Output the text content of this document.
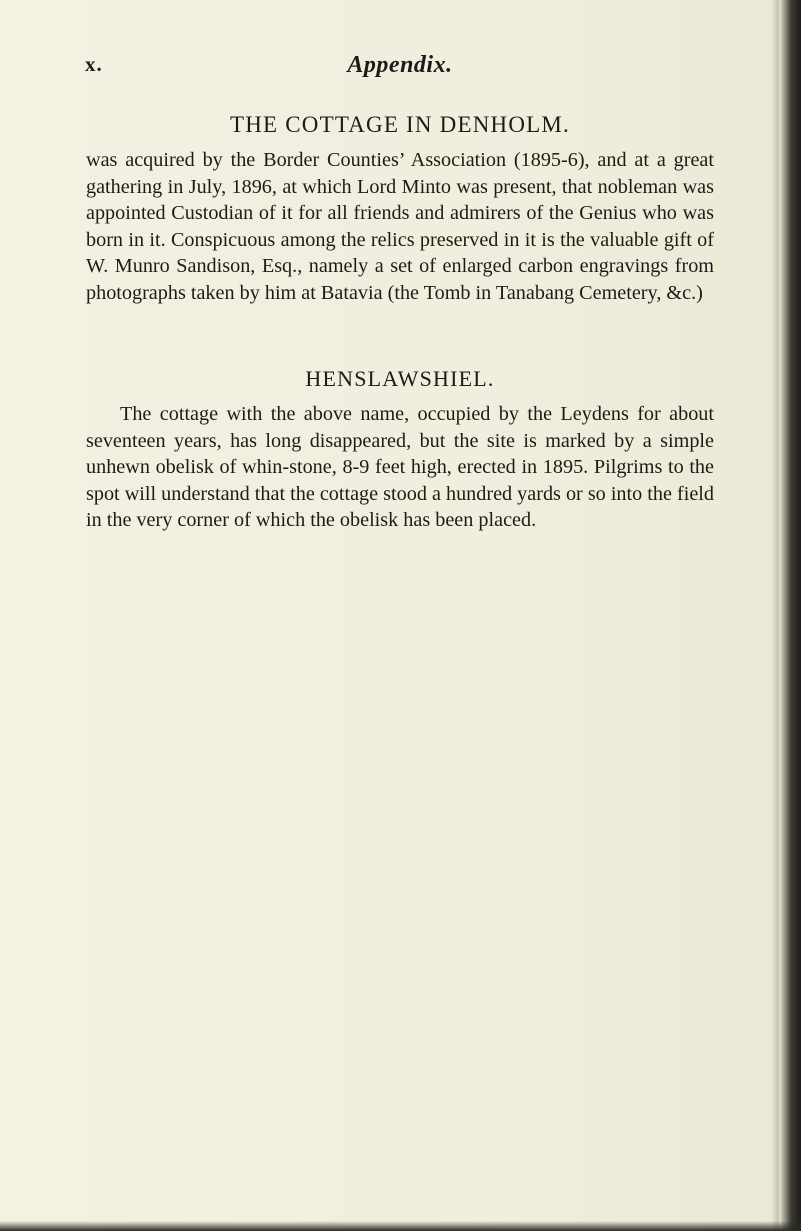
x.	Appendix.
THE COTTAGE IN DENHOLM.
was acquired by the Border Counties’ Association (1895-6), and at a great gathering in July, 1896, at which Lord Minto was present, that nobleman was appointed Custodian of it for all friends and admirers of the Genius who was born in it. Conspicuous among the relics preserved in it is the valuable gift of W. Munro Sandison, Esq., namely a set of enlarged carbon engravings from photographs taken by him at Batavia (the Tomb in Tanabang Cemetery, &c.)
HENSLAWSHIEL.
The cottage with the above name, occupied by the Leydens for about seventeen years, has long disappeared, but the site is marked by a simple unhewn obelisk of whin-stone, 8-9 feet high, erected in 1895. Pilgrims to the spot will understand that the cottage stood a hundred yards or so into the field in the very corner of which the obelisk has been placed.
